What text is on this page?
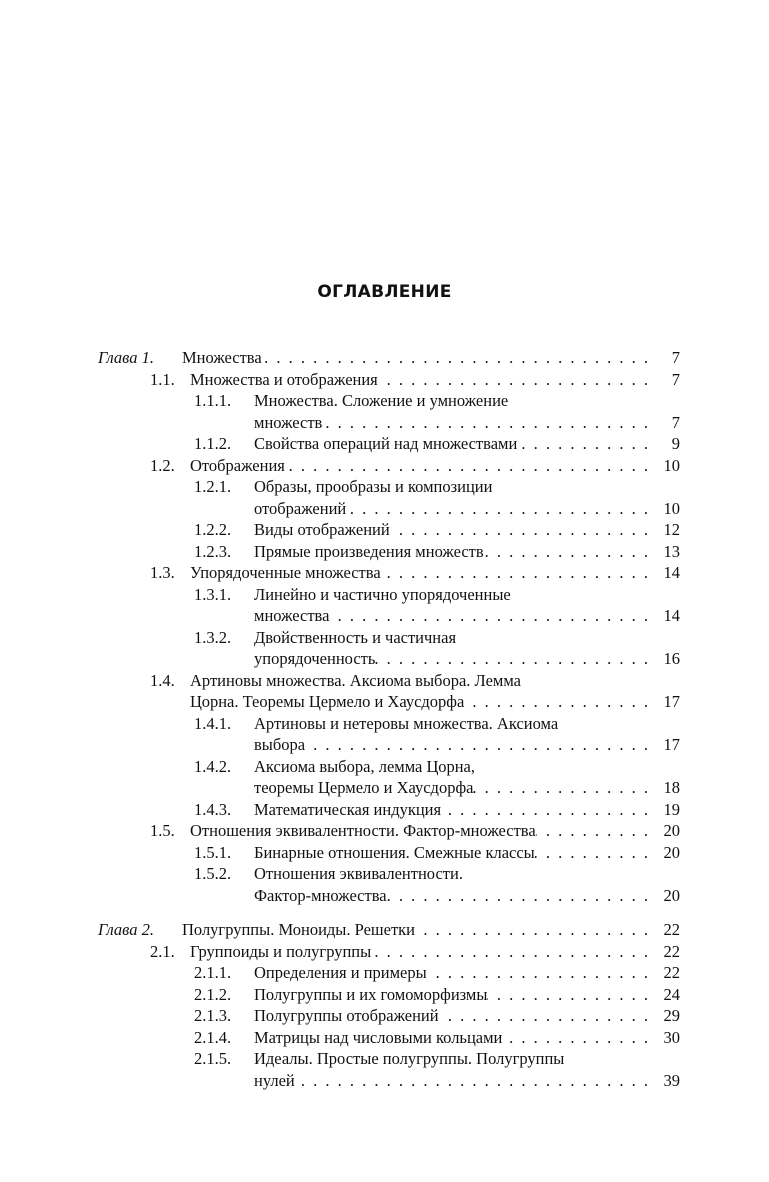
ОГЛАВЛЕНИЕ
Глава 1.	Множества . . .	7
1.1. Множества и отображения . . .	7
1.1.1.	Множества. Сложение и умножение
множеств . . .	7
1.1.2.	Свойства операций над множествами . . .	9
1.2. Отображения . . .	10
1.2.1.	Образы, прообразы и композиции
отображений . . .	10
1.2.2.	Виды отображений . . .	12
1.2.3.	Прямые произведения множеств . . .	13
1.3. Упорядоченные множества . . .	14
1.3.1.	Линейно и частично упорядоченные
множества . . .	14
1.3.2.	Двойственность и частичная
упорядоченность . . .	16
1.4. Артиновы множества. Аксиома выбора. Лемма
Цорна. Теоремы Цермело и Хаусдорфа . . .	17
1.4.1.	Артиновы и нетеровы множества. Аксиома
выбора . . .	17
1.4.2.	Аксиома выбора, лемма Цорна,
теоремы Цермело и Хаусдорфа . . .	18
1.4.3.	Математическая индукция . . .	19
1.5. Отношения эквивалентности. Фактор-множества . . .	20
1.5.1.	Бинарные отношения. Смежные классы . . .	20
1.5.2.	Отношения эквивалентности.
Фактор-множества . . .	20
Глава 2.	Полугруппы. Моноиды. Решетки . . .	22
2.1. Группоиды и полугруппы . . .	22
2.1.1.	Определения и примеры . . .	22
2.1.2.	Полугруппы и их гомоморфизмы . . .	24
2.1.3.	Полугруппы отображений . . .	29
2.1.4.	Матрицы над числовыми кольцами . . .	30
2.1.5.	Идеалы. Простые полугруппы. Полугруппы
нулей . . .	39
